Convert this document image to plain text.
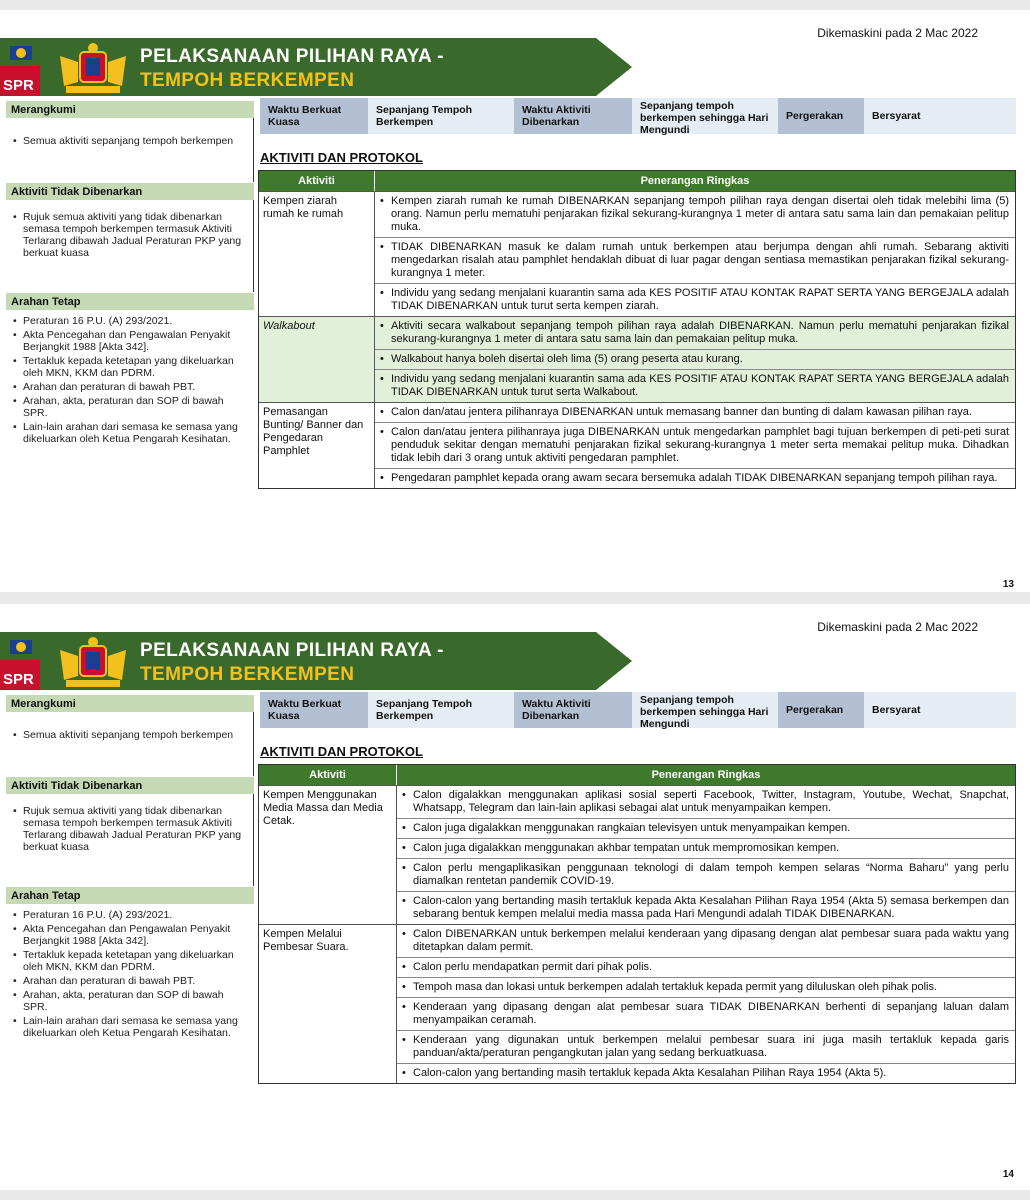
Dikemaskini pada 2 Mac 2022
SPR
PELAKSANAAN PILIHAN RAYA -
TEMPOH BERKEMPEN
Merangkumi
• Semua aktiviti sepanjang tempoh berkempen
Aktiviti Tidak Dibenarkan
• Rujuk semua aktiviti yang tidak dibenarkan semasa tempoh berkempen termasuk Aktiviti Terlarang dibawah Jadual Peraturan PKP yang berkuat kuasa
Arahan Tetap
• Peraturan 16 P.U. (A) 293/2021.
• Akta Pencegahan dan Pengawalan Penyakit Berjangkit 1988 [Akta 342].
• Tertakluk kepada ketetapan yang dikeluarkan oleh MKN, KKM dan PDRM.
• Arahan dan peraturan di bawah PBT.
• Arahan, akta, peraturan dan SOP di bawah SPR.
• Lain-lain arahan dari semasa ke semasa yang dikeluarkan oleh Ketua Pengarah Kesihatan.
Waktu Berkuat Kuasa
Sepanjang Tempoh Berkempen
Waktu Aktiviti Dibenarkan
Sepanjang tempoh berkempen sehingga Hari Mengundi
Pergerakan	Bersyarat
AKTIVITI DAN PROTOKOL
Aktiviti	Penerangan Ringkas
Kempen ziarah rumah ke rumah
• Kempen ziarah rumah ke rumah DIBENARKAN sepanjang tempoh pilihan raya dengan disertai oleh tidak melebihi lima (5) orang. Namun perlu mematuhi penjarakan fizikal sekurang-kurangnya 1 meter di antara satu sama lain dan pemakaian pelitup muka.
• TIDAK DIBENARKAN masuk ke dalam rumah untuk berkempen atau berjumpa dengan ahli rumah. Sebarang aktiviti mengedarkan risalah atau pamphlet hendaklah dibuat di luar pagar dengan sentiasa memastikan penjarakan fizikal sekurang-kurangnya 1 meter.
• Individu yang sedang menjalani kuarantin sama ada KES POSITIF ATAU KONTAK RAPAT SERTA YANG BERGEJALA adalah TIDAK DIBENARKAN untuk turut serta kempen ziarah.
Walkabout
•	Aktiviti secara walkabout sepanjang tempoh pilihan raya adalah DIBENARKAN. Namun perlu mematuhi penjarakan fizikal sekurang-kurangnya 1 meter di antara satu sama lain dan pemakaian pelitup muka.
• Walkabout hanya boleh disertai oleh lima (5) orang peserta atau kurang.
• Individu yang sedang menjalani kuarantin sama ada KES POSITIF ATAU KONTAK RAPAT SERTA YANG BERGEJALA adalah TIDAK DIBENARKAN untuk turut serta Walkabout.
Pemasangan Bunting/ Banner dan Pengedaran Pamphlet
• Calon dan/atau jentera pilihanraya DIBENARKAN untuk memasang banner dan bunting di dalam kawasan pilihan raya.
• Calon dan/atau jentera pilihanraya juga DIBENARKAN untuk mengedarkan pamphlet bagi tujuan berkempen di peti-peti surat penduduk sekitar dengan mematuhi penjarakan fizikal sekurang-kurangnya 1 meter serta memakai pelitup muka. Dihadkan tidak lebih dari 3 orang untuk aktiviti pengedaran pamphlet.
• Pengedaran pamphlet kepada orang awam secara bersemuka adalah TIDAK DIBENARKAN sepanjang tempoh pilihan raya.
13
Dikemaskini pada 2 Mac 2022
SPR
PELAKSANAAN PILIHAN RAYA -
TEMPOH BERKEMPEN
Merangkumi
• Semua aktiviti sepanjang tempoh berkempen
Aktiviti Tidak Dibenarkan
• Rujuk semua aktiviti yang tidak dibenarkan semasa tempoh berkempen termasuk Aktiviti Terlarang dibawah Jadual Peraturan PKP yang berkuat kuasa
Arahan Tetap
• Peraturan 16 P.U. (A) 293/2021.
• Akta Pencegahan dan Pengawalan Penyakit Berjangkit 1988 [Akta 342].
• Tertakluk kepada ketetapan yang dikeluarkan oleh MKN, KKM dan PDRM.
• Arahan dan peraturan di bawah PBT.
• Arahan, akta, peraturan dan SOP di bawah SPR.
• Lain-lain arahan dari semasa ke semasa yang dikeluarkan oleh Ketua Pengarah Kesihatan.
Waktu Berkuat Kuasa
Sepanjang Tempoh Berkempen
Waktu Aktiviti Dibenarkan
Sepanjang tempoh berkempen sehingga Hari Mengundi
Pergerakan	Bersyarat
AKTIVITI DAN PROTOKOL
Aktiviti	Penerangan Ringkas
Kempen Menggunakan Media Massa dan Media Cetak.
• Calon digalakkan menggunakan aplikasi sosial seperti Facebook, Twitter, Instagram, Youtube, Wechat, Snapchat, Whatsapp, Telegram dan lain-lain aplikasi sebagai alat untuk menyampaikan kempen.
• Calon juga digalakkan menggunakan rangkaian televisyen untuk menyampaikan kempen.
• Calon juga digalakkan menggunakan akhbar tempatan untuk mempromosikan kempen.
• Calon perlu mengaplikasikan penggunaan teknologi di dalam tempoh kempen selaras “Norma Baharu” yang perlu diamalkan rentetan pandemik COVID-19.
• Calon-calon yang bertanding masih tertakluk kepada Akta Kesalahan Pilihan Raya 1954 (Akta 5) semasa berkempen dan sebarang bentuk kempen melalui media massa pada Hari Mengundi adalah TIDAK DIBENARKAN.
Kempen Melalui Pembesar Suara.
• Calon DIBENARKAN untuk berkempen melalui kenderaan yang dipasang dengan alat pembesar suara pada waktu yang ditetapkan dalam permit.
• Calon perlu mendapatkan permit dari pihak polis.
• Tempoh masa dan lokasi untuk berkempen adalah tertakluk kepada permit yang diluluskan oleh pihak polis.
• Kenderaan yang dipasang dengan alat pembesar suara TIDAK DIBENARKAN berhenti di sepanjang laluan dalam menyampaikan ceramah.
• Kenderaan yang digunakan untuk berkempen melalui pembesar suara ini juga masih tertakluk kepada garis panduan/akta/peraturan pengangkutan jalan yang sedang berkuatkuasa.
• Calon-calon yang bertanding masih tertakluk kepada Akta Kesalahan Pilihan Raya 1954 (Akta 5).
14
